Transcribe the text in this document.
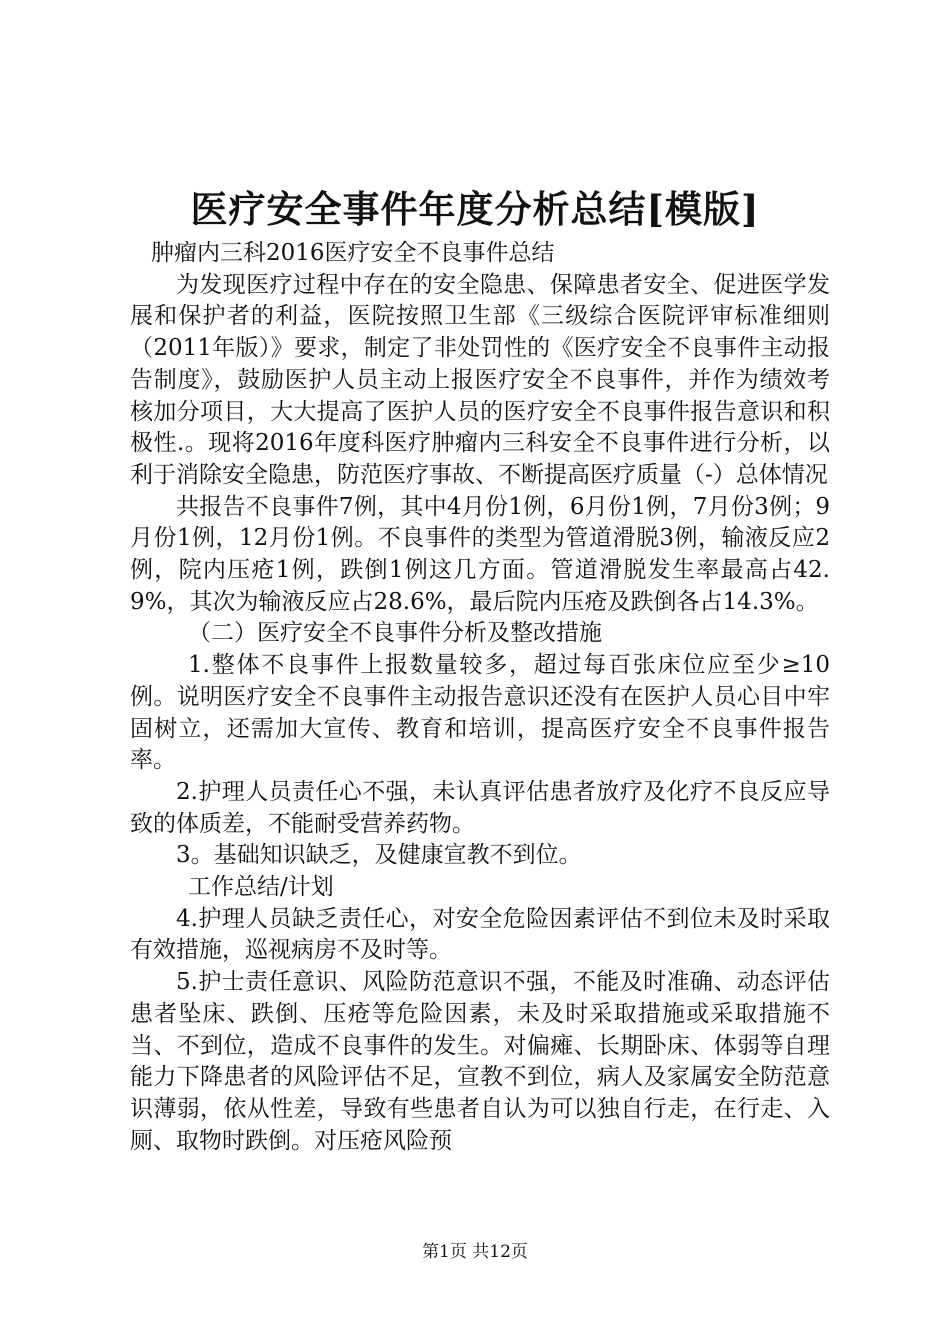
医疗安全事件年度分析总结[模版]

肿瘤内三科2016医疗安全不良事件总结

为发现医疗过程中存在的安全隐患、保障患者安全、促进医学发展和保护者的利益，医院按照卫生部《三级综合医院评审标准细则（2011年版）》要求，制定了非处罚性的《医疗安全不良事件主动报告制度》，鼓励医护人员主动上报医疗安全不良事件，并作为绩效考核加分项目，大大提高了医护人员的医疗安全不良事件报告意识和积极性.。现将2016年度科医疗肿瘤内三科安全不良事件进行分析，以利于消除安全隐患，防范医疗事故、不断提高医疗质量（-）总体情况

共报告不良事件7例，其中4月份1例，6月份1例，7月份3例；9月份1例，12月份1例。不良事件的类型为管道滑脱3例，输液反应2例，院内压疮1例，跌倒1例这几方面。管道滑脱发生率最高占42.9%，其次为输液反应占28.6%，最后院内压疮及跌倒各占14.3%。

（二）医疗安全不良事件分析及整改措施

1.整体不良事件上报数量较多，超过每百张床位应至少≥10例。说明医疗安全不良事件主动报告意识还没有在医护人员心目中牢固树立，还需加大宣传、教育和培训，提高医疗安全不良事件报告率。

2.护理人员责任心不强，未认真评估患者放疗及化疗不良反应导致的体质差，不能耐受营养药物。

3。基础知识缺乏，及健康宣教不到位。

工作总结/计划

4.护理人员缺乏责任心，对安全危险因素评估不到位未及时采取有效措施，巡视病房不及时等。

5.护士责任意识、风险防范意识不强，不能及时准确、动态评估患者坠床、跌倒、压疮等危险因素，未及时采取措施或采取措施不当、不到位，造成不良事件的发生。对偏瘫、长期卧床、体弱等自理能力下降患者的风险评估不足，宣教不到位，病人及家属安全防范意识薄弱，依从性差，导致有些患者自认为可以独自行走，在行走、入厕、取物时跌倒。对压疮风险预

第1页 共12页
